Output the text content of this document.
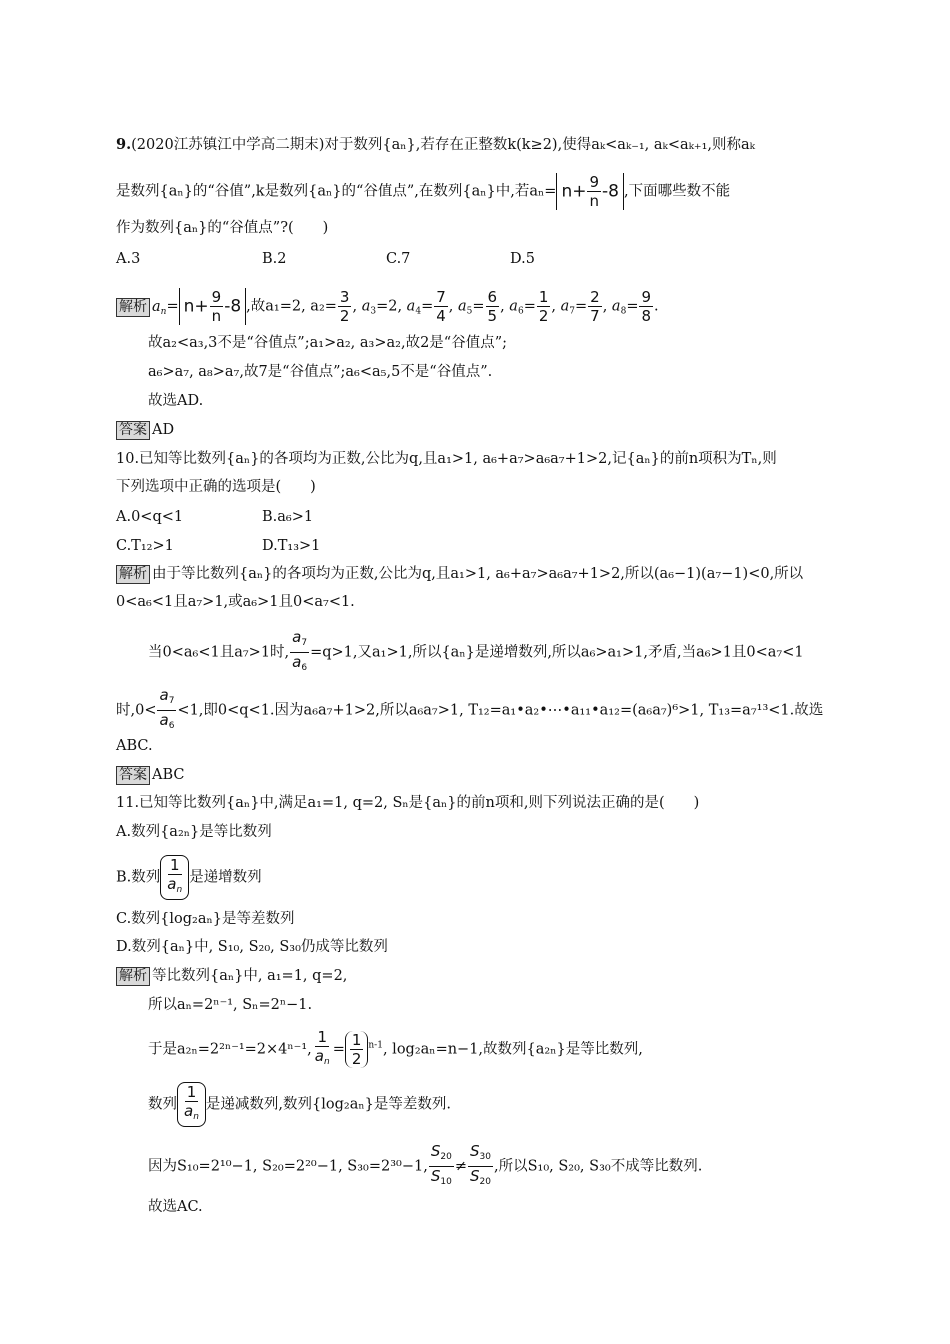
9.(2020江苏镇江中学高二期末)对于数列{aₙ},若存在正整数k(k≥2),使得aₖ<aₖ₋₁, aₖ<aₖ₊₁,则称aₖ
是数列{aₙ}的“谷值”,k是数列{aₙ}的“谷值点”,在数列{aₙ}中,若$a_n= n+ \frac{9}{n} -8$ ,下面哪些数不能
作为数列{aₙ}的“谷值点”?(　　)
A.3	B.2	C.7	D.5
解析 $a_n= n+ \frac{9}{n} -8$ ,故a₁=2, $a_2= \frac{3}{2}$ , $a_3=2$, $a_4= \frac{7}{4}$ , $a_5= \frac{6}{5}$ , $a_6= \frac{1}{2}$ , $a_7= \frac{2}{7}$ , $a_8= \frac{9}{8}$ .
故a₂<a₃,3不是“谷值点”;a₁>a₂, a₃>a₂,故2是“谷值点”;
a₆>a₇, a₈>a₇,故7是“谷值点”;a₆<a₅,5不是“谷值点”.
故选AD.
答案 AD
10.已知等比数列{aₙ}的各项均为正数,公比为q,且a₁>1, a₆+a₇>a₆a₇+1>2,记{aₙ}的前n项积为Tₙ,则
下列选项中正确的选项是(　　)
A.0<q<1	B.a₆>1
C.T₁₂>1	D.T₁₃>1
解析 由于等比数列{aₙ}的各项均为正数,公比为q,且a₁>1, a₆+a₇>a₆a₇+1>2,所以(a₆−1)(a₇−1)<0,所以
0<a₆<1且a₇>1,或a₆>1且0<a₇<1.
当0<a₆<1且a₇>1时, $\frac{a_7}{a_6} =q>1$,又a₁>1,所以{aₙ}是递增数列,所以a₆>a₁>1,矛盾,当a₆>1且0<a₇<1
时$,0< \frac{a_7}{a_6} <1$,即0<q<1.因为a₆a₇+1>2,所以a₆a₇>1, T₁₂=a₁•a₂•⋯•a₁₁•a₁₂=(a₆a₇)⁶>1, T₁₃=a₇¹³<1.故选
ABC.
答案 ABC
11.已知等比数列{aₙ}中,满足a₁=1, q=2, Sₙ是{aₙ}的前n项和,则下列说法正确的是(　　)
A.数列{a₂ₙ}是等比数列
B.数列 $\frac{1}{a_n}$ 是递增数列
C.数列{log₂aₙ}是等差数列
D.数列{aₙ}中, S₁₀, S₂₀, S₃₀仍成等比数列
解析 等比数列{aₙ}中, a₁=1, q=2,
所以aₙ=2ⁿ⁻¹, Sₙ=2ⁿ−1.
于是a₂ₙ=2²ⁿ⁻¹=2×4ⁿ⁻¹, $\frac{1}{a_n} = \frac{1}{2} ^{n-1}$, log₂aₙ=n−1,故数列{a₂ₙ}是等比数列,
数列 $\frac{1}{a_n}$ 是递减数列,数列{log₂aₙ}是等差数列.
因为S₁₀=2¹⁰−1, S₂₀=2²⁰−1, S₃₀=2³⁰−1, $\frac{S_{20}}{S_{10}} \ne \frac{S_{30}}{S_{20}}$ ,所以S₁₀, S₂₀, S₃₀不成等比数列.
故选AC.
